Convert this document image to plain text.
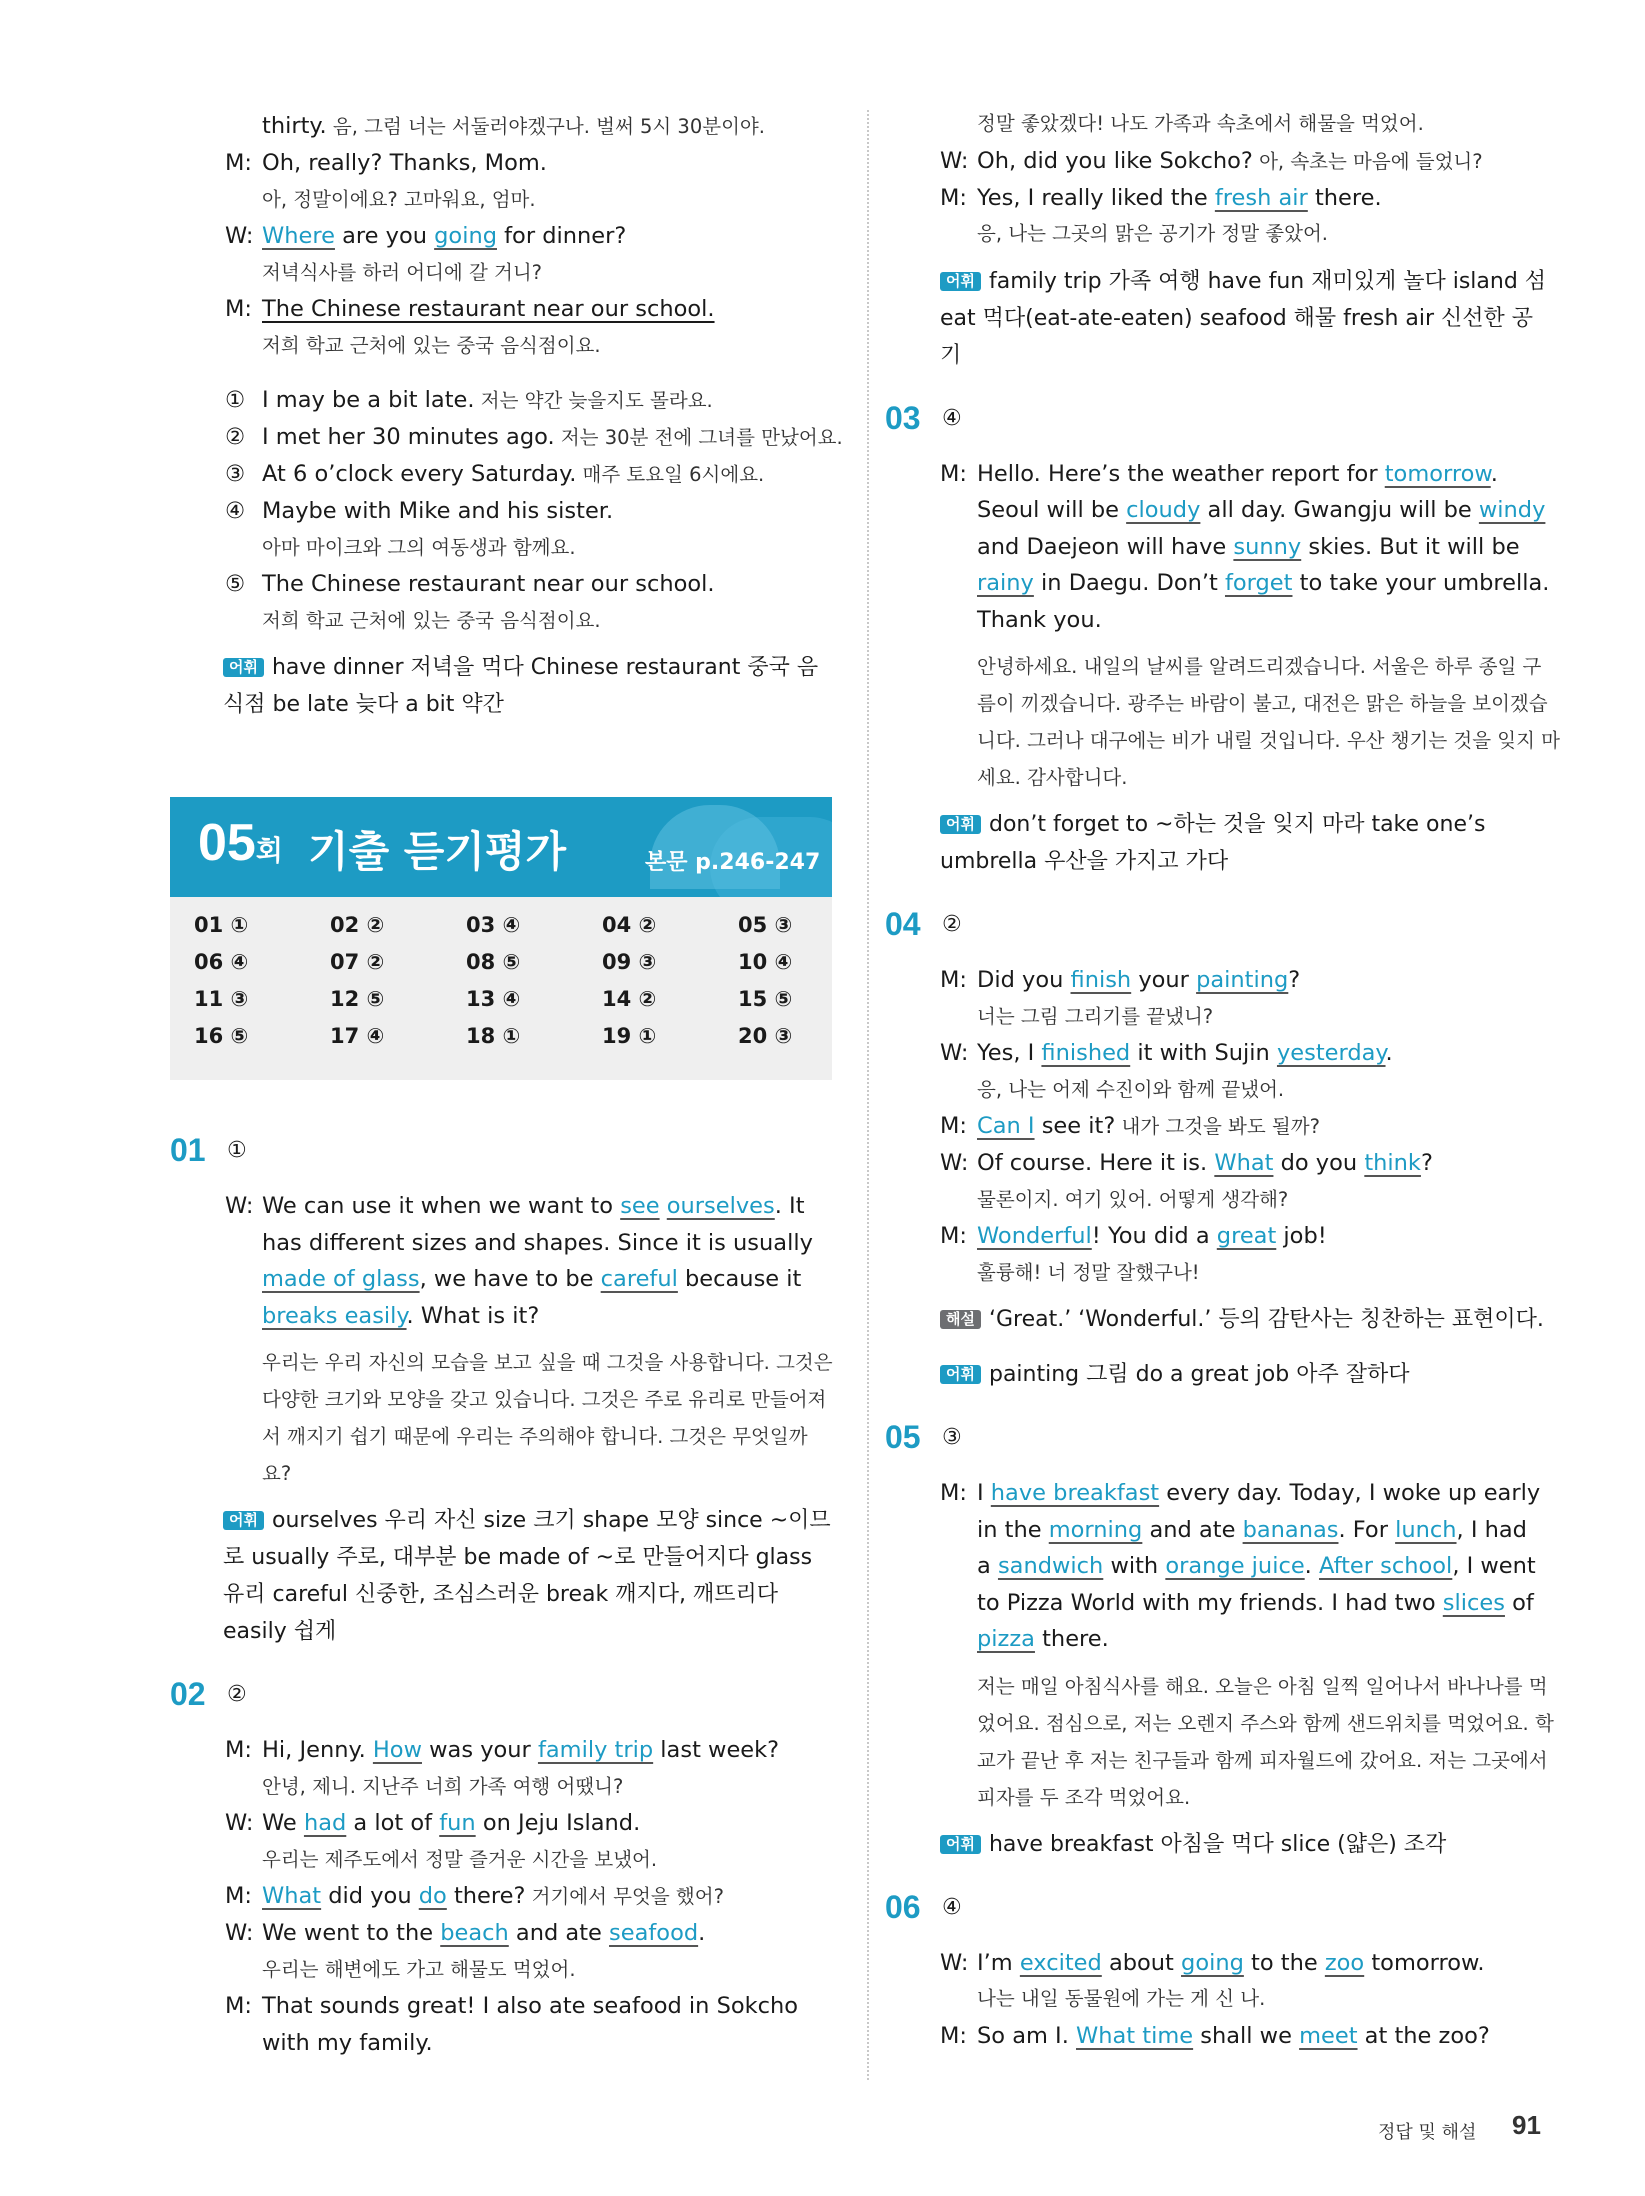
thirty. 음, 그럼 너는 서둘러야겠구나. 벌써 5시 30분이야.
M: Oh, really? Thanks, Mom.
아, 정말이에요? 고마워요, 엄마.
W: Where are you going for dinner?
저녁식사를 하러 어디에 갈 거니?
M: The Chinese restaurant near our school.
저희 학교 근처에 있는 중국 음식점이요.
① I may be a bit late. 저는 약간 늦을지도 몰라요.
② I met her 30 minutes ago. 저는 30분 전에 그녀를 만났어요.
③ At 6 o’clock every Saturday. 매주 토요일 6시에요.
④ Maybe with Mike and his sister.
아마 마이크와 그의 여동생과 함께요.
⑤ The Chinese restaurant near our school.
저희 학교 근처에 있는 중국 음식점이요.
어휘 have dinner 저녁을 먹다 Chinese restaurant 중국 음식점 be late 늦다 a bit 약간
05회 기출 듣기평가	본문 p.246-247
01 ①	02 ②	03 ④	04 ②	05 ③
06 ④	07 ②	08 ⑤	09 ③	10 ④
11 ③	12 ⑤	13 ④	14 ②	15 ⑤
16 ⑤	17 ④	18 ①	19 ①	20 ③
01 ①
W: We can use it when we want to see ourselves. It
has different sizes and shapes. Since it is usually
made of glass, we have to be careful because it
breaks easily. What is it?
우리는 우리 자신의 모습을 보고 싶을 때 그것을 사용합니다. 그것은 다양한 크기와 모양을 갖고 있습니다. 그것은 주로 유리로 만들어져서 깨지기 쉽기 때문에 우리는 주의해야 합니다. 그것은 무엇일까요?
어휘 ourselves 우리 자신 size 크기 shape 모양 since ~이므로 usually 주로, 대부분 be made of ~로 만들어지다 glass 유리 careful 신중한, 조심스러운 break 깨지다, 깨뜨리다 easily 쉽게
02 ②
M: Hi, Jenny. How was your family trip last week?
안녕, 제니. 지난주 너희 가족 여행 어땠니?
W: We had a lot of fun on Jeju Island.
우리는 제주도에서 정말 즐거운 시간을 보냈어.
M: What did you do there? 거기에서 무엇을 했어?
W: We went to the beach and ate seafood.
우리는 해변에도 가고 해물도 먹었어.
M: That sounds great! I also ate seafood in Sokcho
with my family.
정말 좋았겠다! 나도 가족과 속초에서 해물을 먹었어.
W: Oh, did you like Sokcho? 아, 속초는 마음에 들었니?
M: Yes, I really liked the fresh air there.
응, 나는 그곳의 맑은 공기가 정말 좋았어.
어휘 family trip 가족 여행 have fun 재미있게 놀다 island 섬 eat 먹다(eat-ate-eaten) seafood 해물 fresh air 신선한 공기
03 ④
M: Hello. Here’s the weather report for tomorrow.
Seoul will be cloudy all day. Gwangju will be windy
and Daejeon will have sunny skies. But it will be
rainy in Daegu. Don’t forget to take your umbrella.
Thank you.
안녕하세요. 내일의 날씨를 알려드리겠습니다. 서울은 하루 종일 구름이 끼겠습니다. 광주는 바람이 불고, 대전은 맑은 하늘을 보이겠습니다. 그러나 대구에는 비가 내릴 것입니다. 우산 챙기는 것을 잊지 마세요. 감사합니다.
어휘 don’t forget to ~하는 것을 잊지 마라 take one’s umbrella 우산을 가지고 가다
04 ②
M: Did you finish your painting?
너는 그림 그리기를 끝냈니?
W: Yes, I finished it with Sujin yesterday.
응, 나는 어제 수진이와 함께 끝냈어.
M: Can I see it? 내가 그것을 봐도 될까?
W: Of course. Here it is. What do you think?
물론이지. 여기 있어. 어떻게 생각해?
M: Wonderful! You did a great job!
훌륭해! 너 정말 잘했구나!
해설 ‘Great.’ ‘Wonderful.’ 등의 감탄사는 칭찬하는 표현이다.
어휘 painting 그림 do a great job 아주 잘하다
05 ③
M: I have breakfast every day. Today, I woke up early
in the morning and ate bananas. For lunch, I had
a sandwich with orange juice. After school, I went
to Pizza World with my friends. I had two slices of
pizza there.
저는 매일 아침식사를 해요. 오늘은 아침 일찍 일어나서 바나나를 먹었어요. 점심으로, 저는 오렌지 주스와 함께 샌드위치를 먹었어요. 학교가 끝난 후 저는 친구들과 함께 피자월드에 갔어요. 저는 그곳에서 피자를 두 조각 먹었어요.
어휘 have breakfast 아침을 먹다 slice (얇은) 조각
06 ④
W: I’m excited about going to the zoo tomorrow.
나는 내일 동물원에 가는 게 신 나.
M: So am I. What time shall we meet at the zoo?
정답 및 해설 91
